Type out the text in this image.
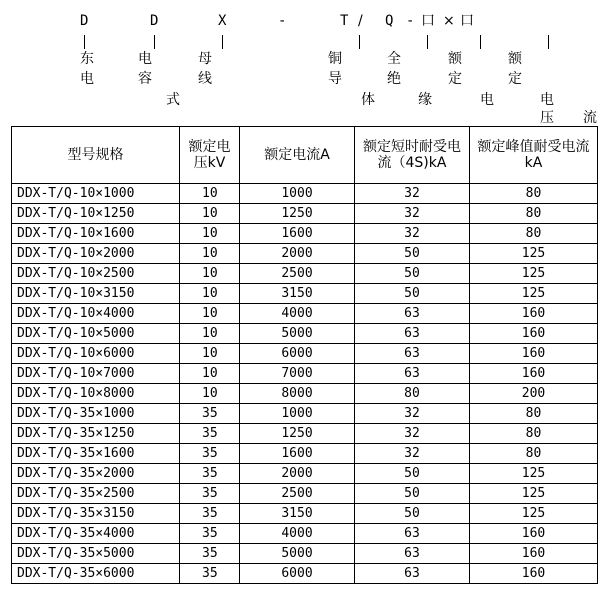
D	D	X	-	T / Q - 口 × 口
东
电
电
容
母
线
式
铜
导
体
全
绝
缘
额
定
电
压
额
定
电
流
型号规格	额定电压kV	额定电流A	额定短时耐受电流（4S)kA	额定峰值耐受电流kA
DDX-T/Q-10×1000	10	1000	32	80
DDX-T/Q-10×1250	10	1250	32	80
DDX-T/Q-10×1600	10	1600	32	80
DDX-T/Q-10×2000	10	2000	50	125
DDX-T/Q-10×2500	10	2500	50	125
DDX-T/Q-10×3150	10	3150	50	125
DDX-T/Q-10×4000	10	4000	63	160
DDX-T/Q-10×5000	10	5000	63	160
DDX-T/Q-10×6000	10	6000	63	160
DDX-T/Q-10×7000	10	7000	63	160
DDX-T/Q-10×8000	10	8000	80	200
DDX-T/Q-35×1000	35	1000	32	80
DDX-T/Q-35×1250	35	1250	32	80
DDX-T/Q-35×1600	35	1600	32	80
DDX-T/Q-35×2000	35	2000	50	125
DDX-T/Q-35×2500	35	2500	50	125
DDX-T/Q-35×3150	35	3150	50	125
DDX-T/Q-35×4000	35	4000	63	160
DDX-T/Q-35×5000	35	5000	63	160
DDX-T/Q-35×6000	35	6000	63	160
